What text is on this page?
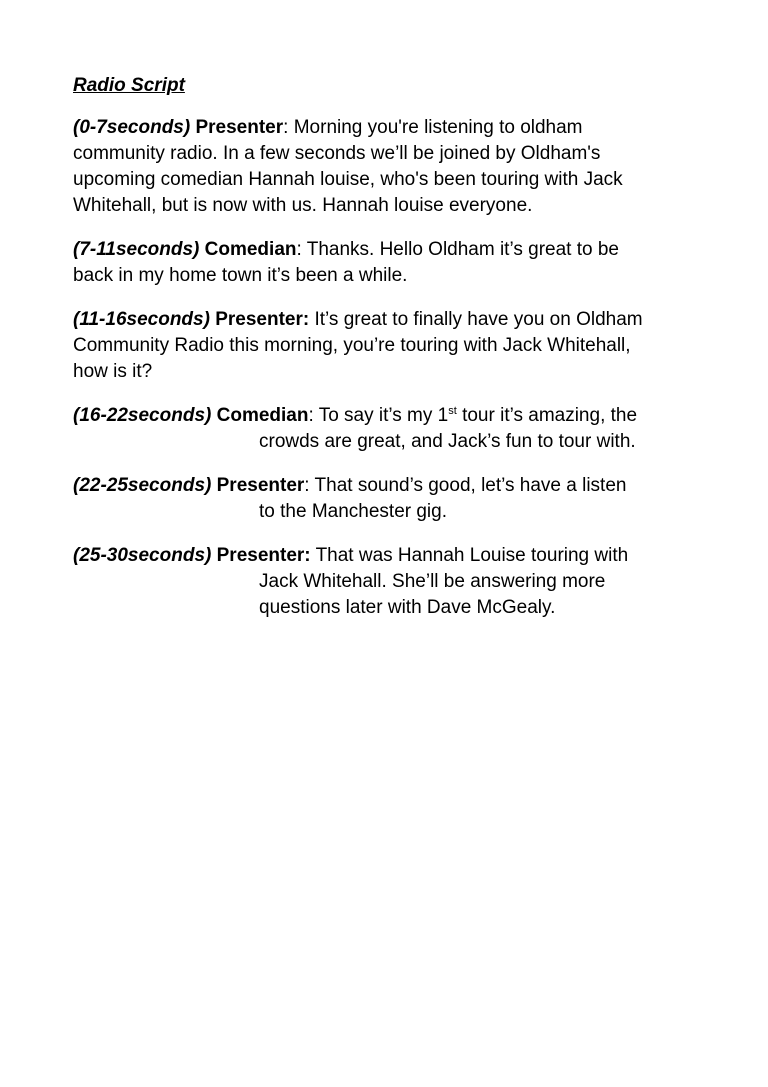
Radio Script
(0-7seconds) Presenter: Morning you're listening to oldham
community radio. In a few seconds we’ll be joined by Oldham's
upcoming comedian Hannah louise, who's been touring with Jack
Whitehall, but is now with us. Hannah louise everyone.
(7-11seconds) Comedian: Thanks. Hello Oldham it’s great to be
back in my home town it’s been a while.
(11-16seconds) Presenter: It’s great to finally have you on Oldham
Community Radio this morning, you’re touring with Jack Whitehall,
how is it?
(16-22seconds) Comedian: To say it’s my 1st tour it’s amazing, the
crowds are great, and Jack’s fun to tour with.
(22-25seconds) Presenter: That sound’s good, let’s have a listen
to the Manchester gig.
(25-30seconds) Presenter: That was Hannah Louise touring with
Jack Whitehall. She’ll be answering more
questions later with Dave McGealy.
